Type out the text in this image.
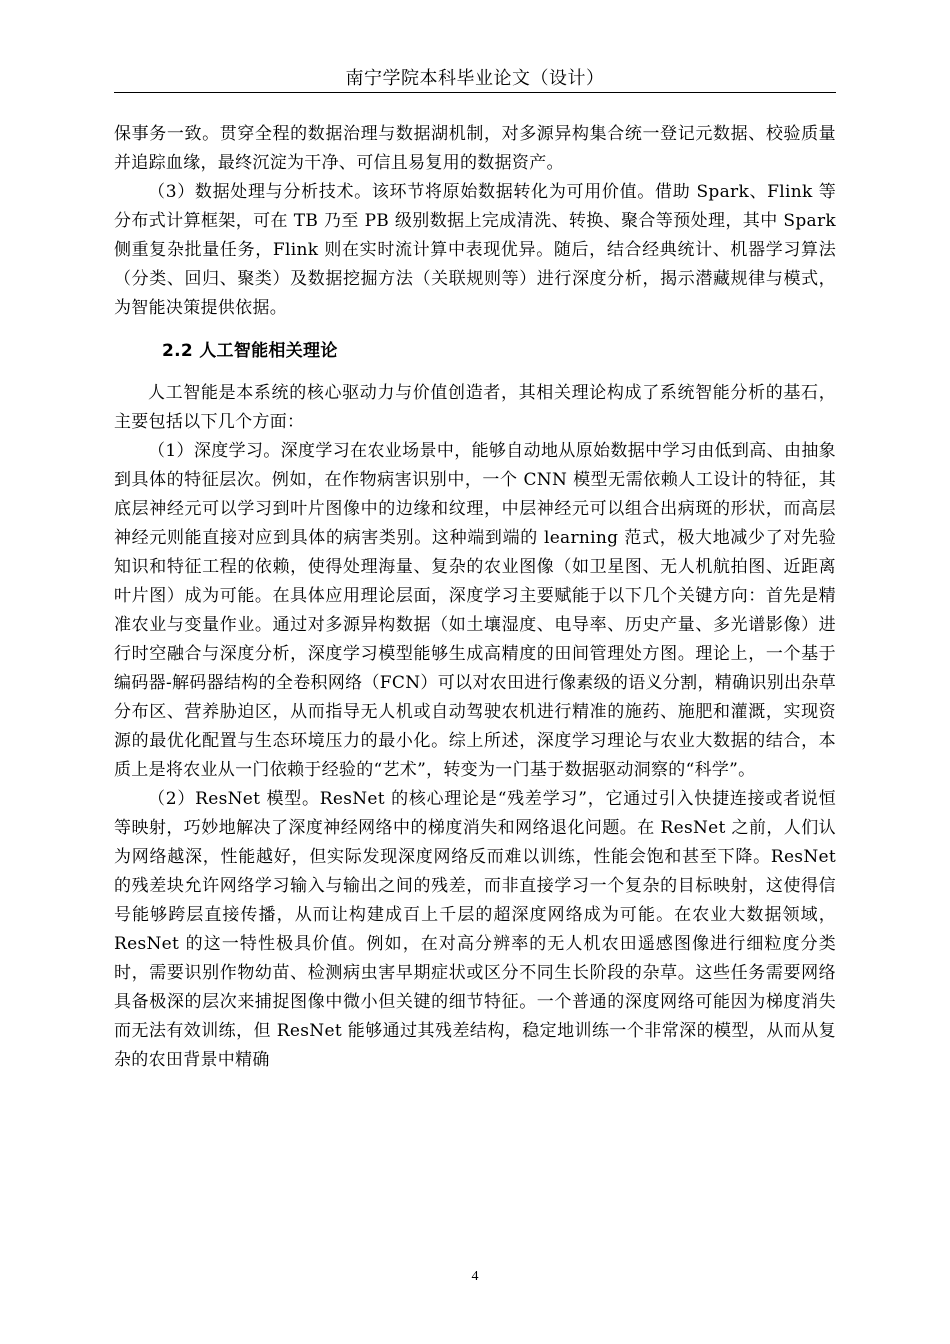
南宁学院本科毕业论文（设计）

保事务一致。贯穿全程的数据治理与数据湖机制，对多源异构集合统一登记元数据、校验质量并追踪血缘，最终沉淀为干净、可信且易复用的数据资产。

（3）数据处理与分析技术。该环节将原始数据转化为可用价值。借助 Spark、Flink 等分布式计算框架，可在 TB 乃至 PB 级别数据上完成清洗、转换、聚合等预处理，其中 Spark 侧重复杂批量任务，Flink 则在实时流计算中表现优异。随后，结合经典统计、机器学习算法（分类、回归、聚类）及数据挖掘方法（关联规则等）进行深度分析，揭示潜藏规律与模式，为智能决策提供依据。

2.2 人工智能相关理论

人工智能是本系统的核心驱动力与价值创造者，其相关理论构成了系统智能分析的基石，主要包括以下几个方面：

（1）深度学习。深度学习在农业场景中，能够自动地从原始数据中学习由低到高、由抽象到具体的特征层次。例如，在作物病害识别中，一个 CNN 模型无需依赖人工设计的特征，其底层神经元可以学习到叶片图像中的边缘和纹理，中层神经元可以组合出病斑的形状，而高层神经元则能直接对应到具体的病害类别。这种端到端的 learning 范式，极大地减少了对先验知识和特征工程的依赖，使得处理海量、复杂的农业图像（如卫星图、无人机航拍图、近距离叶片图）成为可能。在具体应用理论层面，深度学习主要赋能于以下几个关键方向：首先是精准农业与变量作业。通过对多源异构数据（如土壤湿度、电导率、历史产量、多光谱影像）进行时空融合与深度分析，深度学习模型能够生成高精度的田间管理处方图。理论上，一个基于编码器-解码器结构的全卷积网络（FCN）可以对农田进行像素级的语义分割，精确识别出杂草分布区、营养胁迫区，从而指导无人机或自动驾驶农机进行精准的施药、施肥和灌溉，实现资源的最优化配置与生态环境压力的最小化。综上所述，深度学习理论与农业大数据的结合，本质上是将农业从一门依赖于经验的“艺术”，转变为一门基于数据驱动洞察的“科学”。

（2）ResNet 模型。ResNet 的核心理论是“残差学习”，它通过引入快捷连接或者说恒等映射，巧妙地解决了深度神经网络中的梯度消失和网络退化问题。在 ResNet 之前，人们认为网络越深，性能越好，但实际发现深度网络反而难以训练，性能会饱和甚至下降。ResNet 的残差块允许网络学习输入与输出之间的残差，而非直接学习一个复杂的目标映射，这使得信号能够跨层直接传播，从而让构建成百上千层的超深度网络成为可能。在农业大数据领域，ResNet 的这一特性极具价值。例如，在对高分辨率的无人机农田遥感图像进行细粒度分类时，需要识别作物幼苗、检测病虫害早期症状或区分不同生长阶段的杂草。这些任务需要网络具备极深的层次来捕捉图像中微小但关键的细节特征。一个普通的深度网络可能因为梯度消失而无法有效训练，但 ResNet 能够通过其残差结构，稳定地训练一个非常深的模型，从而从复杂的农田背景中精确

4
